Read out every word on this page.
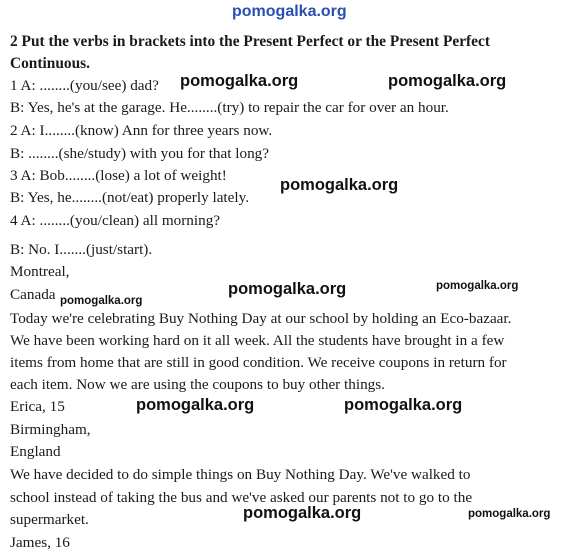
pomogalka.org
2 Put the verbs in brackets into the Present Perfect or the Present Perfect
Continuous.
1 A: ........(you/see) dad?
B: Yes, he's at the garage. He........(try) to repair the car for over an hour.
2 A: I........(know) Ann for three years now.
B: ........(she/study) with you for that long?
3 A: Bob........(lose) a lot of weight!
B: Yes, he........(not/eat) properly lately.
4 A: ........(you/clean) all morning?
B: No. I.......(just/start).
Montreal,
Canada
Today we're celebrating Buy Nothing Day at our school by holding an Eco-bazaar.
We have been working hard on it all week. All the students have brought in a few
items from home that are still in good condition. We receive coupons in return for
each item. Now we are using the coupons to buy other things.
Erica, 15
Birmingham,
England
We have decided to do simple things on Buy Nothing Day. We've walked to
school instead of taking the bus and we've asked our parents not to go to the
supermarket.
James, 16
pomogalka.org	pomogalka.org
pomogalka.org
pomogalka.org	pomogalka.org
pomogalka.org
pomogalka.org	pomogalka.org
pomogalka.org	pomogalka.org
